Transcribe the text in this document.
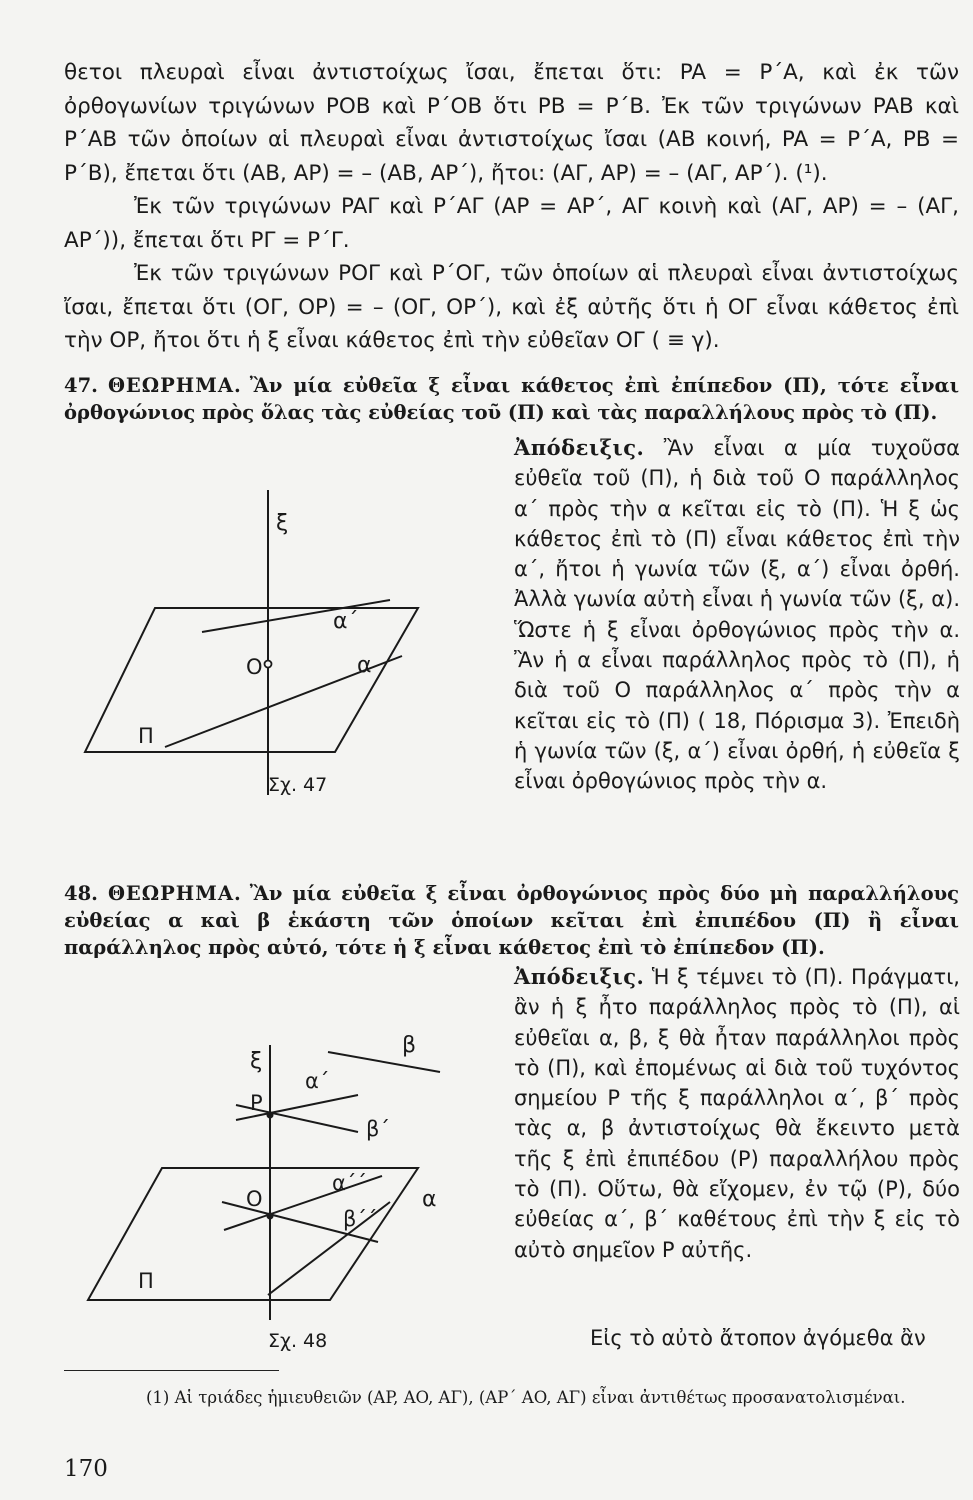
θετοι πλευραὶ εἶναι ἀντιστοίχως ἴσαι, ἔπεται ὅτι: PA = P΄A, καὶ ἐκ τῶν ὀρθογωνίων τριγώνων POB καὶ P΄OB ὅτι PB = P΄B. Ἐκ τῶν τριγώνων PAB καὶ P΄AB τῶν ὁποίων αἱ πλευραὶ εἶναι ἀντιστοίχως ἴσαι (AB κοινή, PA = P΄A, PB = P΄B), ἔπεται ὅτι (AB, AP) = – (AB, AP΄), ἤτοι: (AΓ, AP) = – (AΓ, AP΄). (¹).

Ἐκ τῶν τριγώνων PAΓ καὶ P΄AΓ (AP = AP΄, AΓ κοινὴ καὶ (AΓ, AP) = – (AΓ, AP΄)), ἔπεται ὅτι PΓ = P΄Γ.

Ἐκ τῶν τριγώνων POΓ καὶ P΄OΓ, τῶν ὁποίων αἱ πλευραὶ εἶναι ἀντιστοίχως ἴσαι, ἔπεται ὅτι (OΓ, OP) = – (OΓ, OP΄), καὶ ἐξ αὐτῆς ὅτι ἡ OΓ εἶναι κάθετος ἐπὶ τὴν OP, ἤτοι ὅτι ἡ ξ εἶναι κάθετος ἐπὶ τὴν εὐθεῖαν OΓ ( ≡ γ).

47. ΘΕΩΡΗΜΑ. Ἂν μία εὐθεῖα ξ εἶναι κάθετος ἐπὶ ἐπίπεδον (Π), τότε εἶναι ὀρθογώνιος πρὸς ὅλας τὰς εὐθείας τοῦ (Π) καὶ τὰς παραλλήλους πρὸς τὸ (Π).

Ἀπόδειξις. Ἂν εἶναι α μία τυχοῦσα εὐθεῖα τοῦ (Π), ἡ διὰ τοῦ O παράλληλος α΄ πρὸς τὴν α κεῖται εἰς τὸ (Π). Ἡ ξ ὡς κάθετος ἐπὶ τὸ (Π) εἶναι κάθετος ἐπὶ τὴν α΄, ἤτοι ἡ γωνία τῶν (ξ, α΄) εἶναι ὀρθή. Ἀλλὰ γωνία αὐτὴ εἶναι ἡ γωνία τῶν (ξ, α). Ὥστε ἡ ξ εἶναι ὀρθογώνιος πρὸς τὴν α. Ἂν ἡ α εἶναι παράλληλος πρὸς τὸ (Π), ἡ διὰ τοῦ O παράλληλος α΄ πρὸς τὴν α κεῖται εἰς τὸ (Π) ( 18, Πόρισμα 3). Ἐπειδὴ ἡ γωνία τῶν (ξ, α΄) εἶναι ὀρθή, ἡ εὐθεῖα ξ εἶναι ὀρθογώνιος πρὸς τὴν α.

ξ
α΄
α
O
Π
Σχ. 47

48. ΘΕΩΡΗΜΑ. Ἂν μία εὐθεῖα ξ εἶναι ὀρθογώνιος πρὸς δύο μὴ παραλλήλους εὐθείας α καὶ β ἑκάστη τῶν ὁποίων κεῖται ἐπὶ ἐπιπέδου (Π) ἢ εἶναι παράλληλος πρὸς αὐτό, τότε ἡ ξ εἶναι κάθετος ἐπὶ τὸ ἐπίπεδον (Π).

Ἀπόδειξις. Ἡ ξ τέμνει τὸ (Π). Πράγματι, ἂν ἡ ξ ἦτο παράλληλος πρὸς τὸ (Π), αἱ εὐθεῖαι α, β, ξ θὰ ἦταν παράλληλοι πρὸς τὸ (Π), καὶ ἐπομένως αἱ διὰ τοῦ τυχόντος σημείου P τῆς ξ παράλληλοι α΄, β΄ πρὸς τὰς α, β ἀντιστοίχως θὰ ἔκειντο μετὰ τῆς ξ ἐπὶ ἐπιπέδου (P) παραλλήλου πρὸς τὸ (Π). Οὕτω, θὰ εἴχομεν, ἐν τῷ (P), δύο εὐθείας α΄, β΄ καθέτους ἐπὶ τὴν ξ εἰς τὸ αὐτὸ σημεῖον P αὐτῆς.

Εἰς τὸ αὐτὸ ἄτοπον ἀγόμεθα ἂν

ξ
β
P
α΄
β΄
α΄΄
O
β΄΄
α
Π
Σχ. 48

(1) Αἱ τριάδες ἡμιευθειῶν (AP, AO, AΓ), (AP΄ AO, AΓ) εἶναι ἀντιθέτως προσανατολισμέναι.

170
